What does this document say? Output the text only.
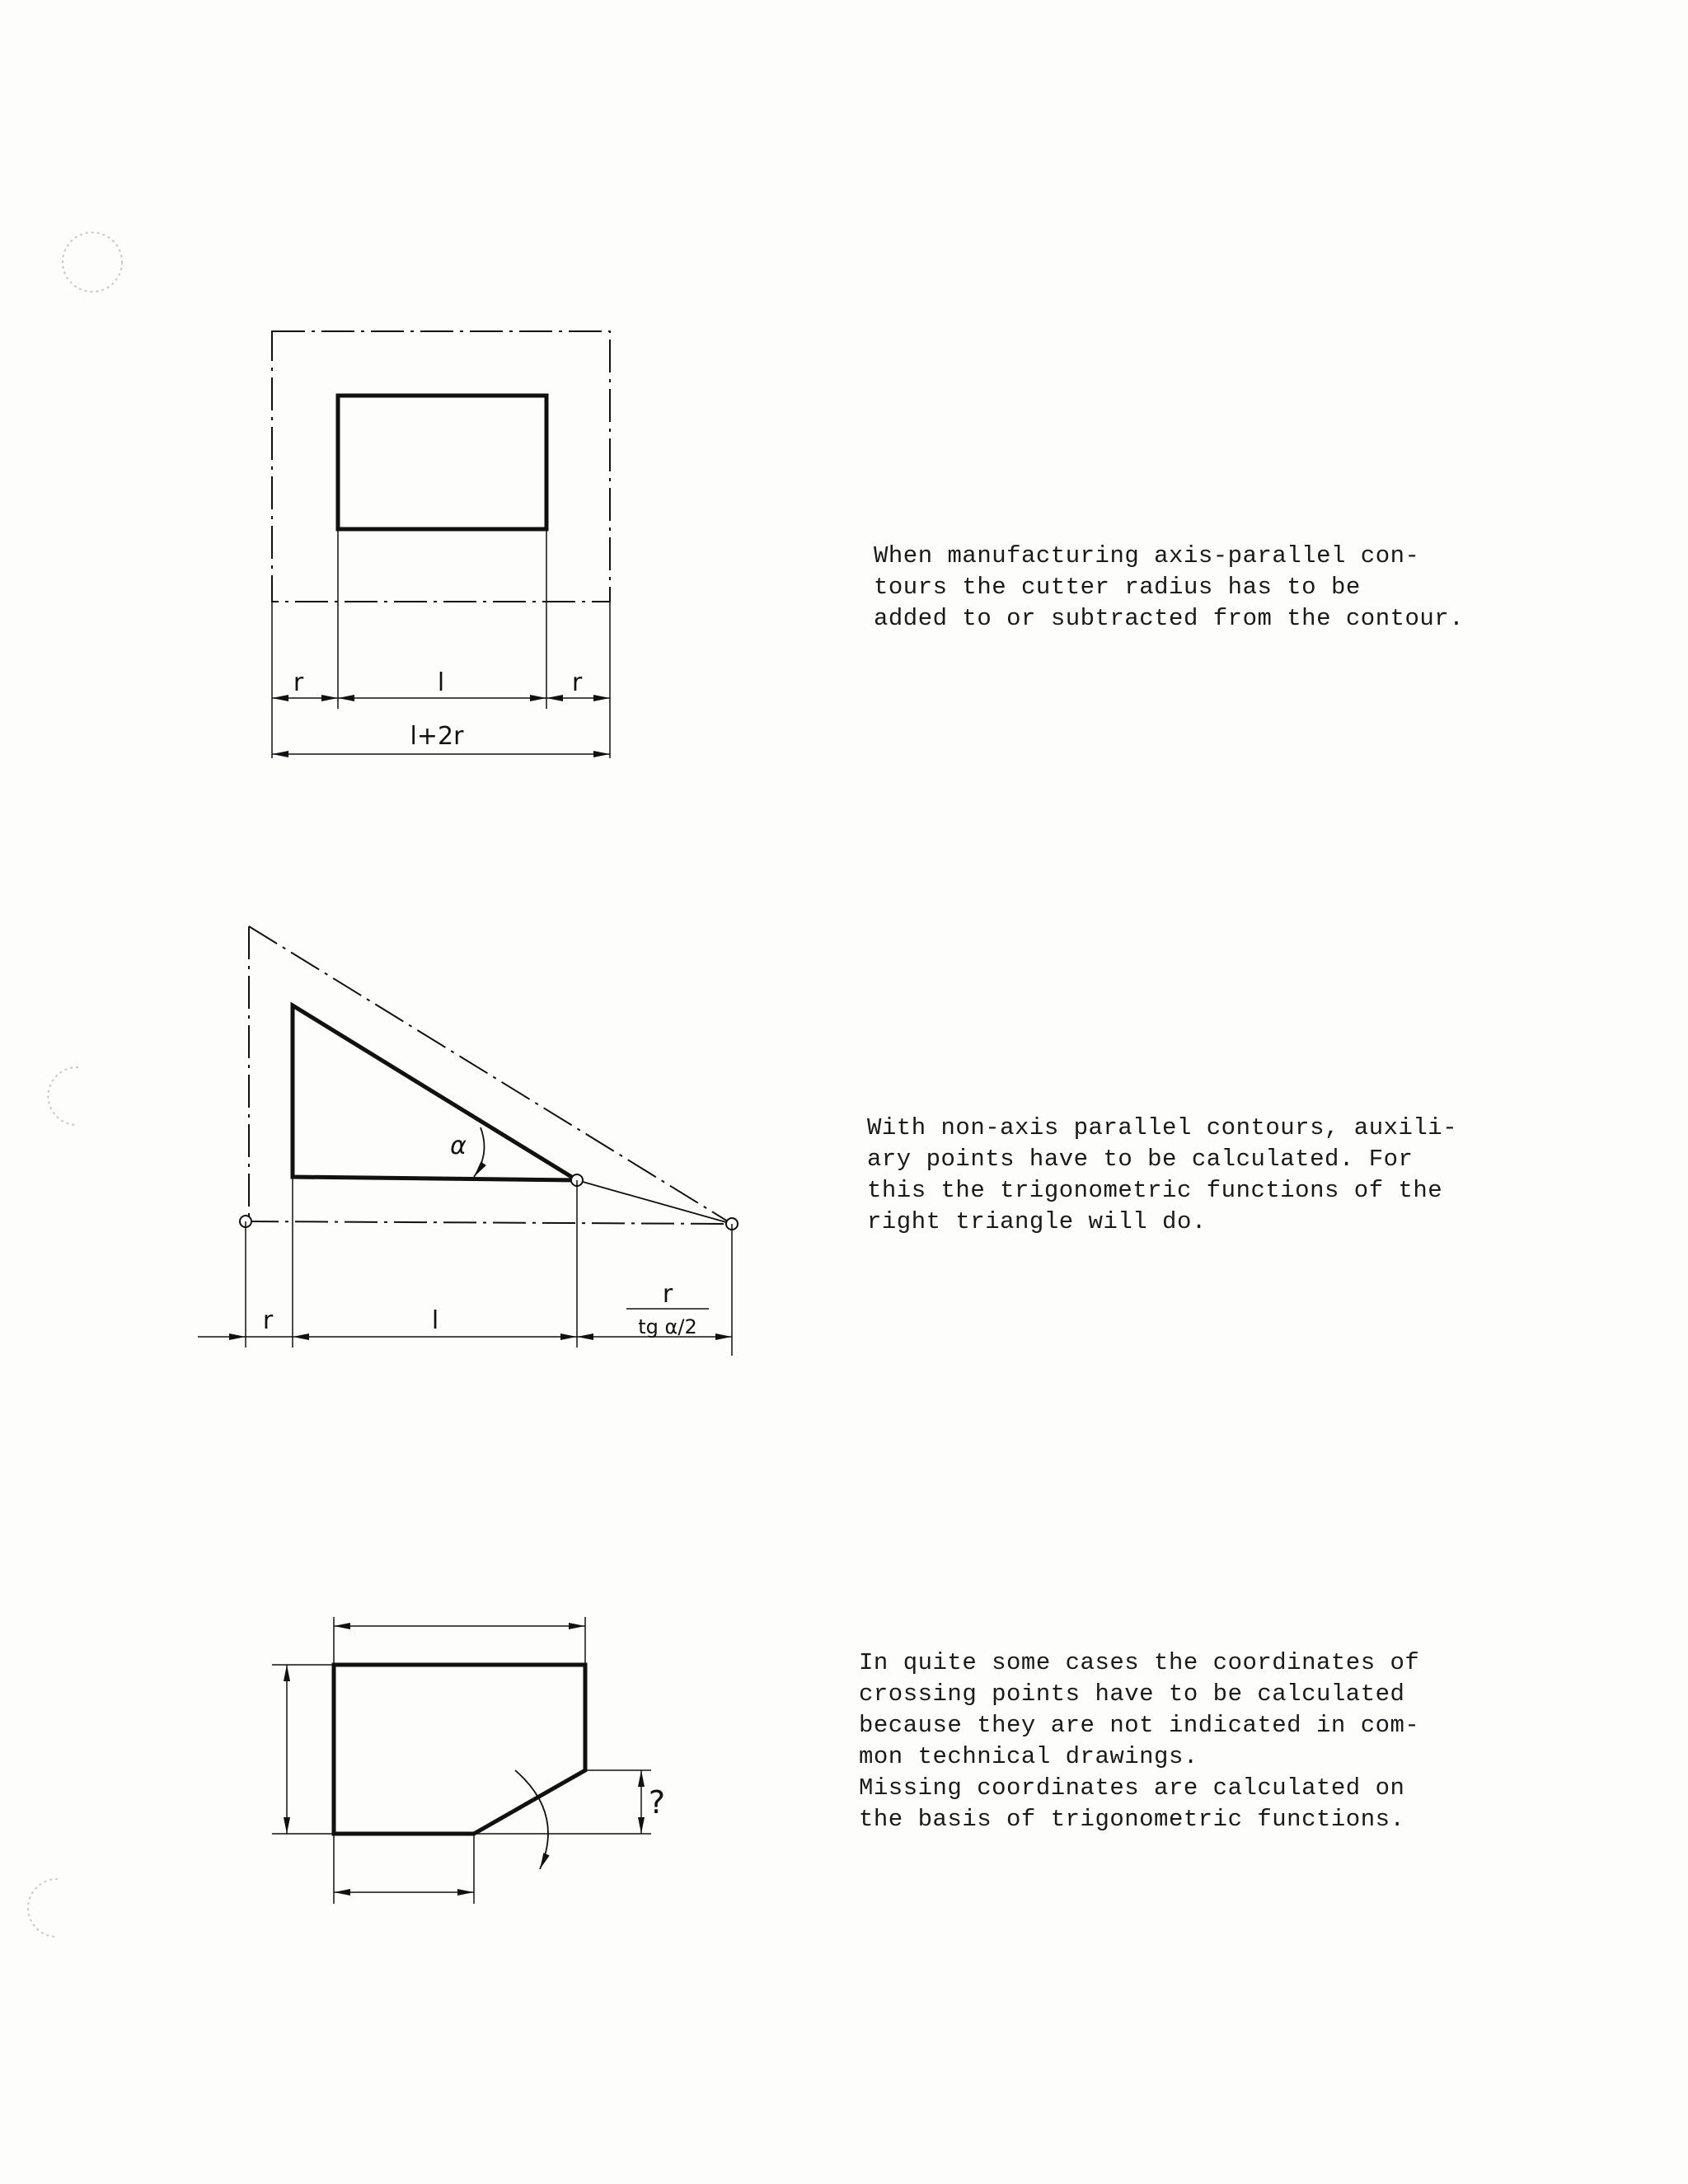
r	l	r
l+2r
α
r	l
r
tg α/2
?

When manufacturing axis-parallel con-
tours the cutter radius has to be
added to or subtracted from the contour.

With non-axis parallel contours, auxili-
ary points have to be calculated. For
this the trigonometric functions of the
right triangle will do.

In quite some cases the coordinates of
crossing points have to be calculated
because they are not indicated in com-
mon technical drawings.
Missing coordinates are calculated on
the basis of trigonometric functions.
